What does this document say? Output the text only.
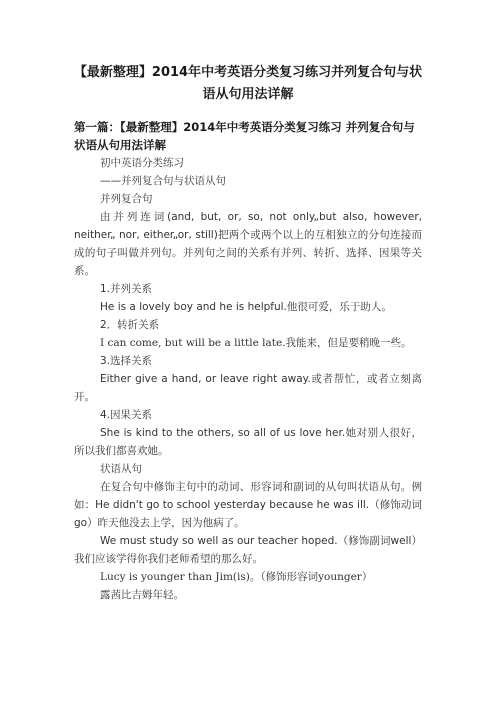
【最新整理】2014年中考英语分类复习练习并列复合句与状
语从句用法详解
第一篇：【最新整理】2014年中考英语分类复习练习 并列复合句与
状语从句用法详解

初中英语分类练习

——并列复合句与状语从句

并列复合句

由并列连词(and, but, or, so, not only„but also, however, neither„ nor, either„or, still)把两个或两个以上的互相独立的分句连接而成的句子叫做并列句。并列句之间的关系有并列、转折、选择、因果等关系。

1.并列关系

He is a lovely boy and he is helpful.他很可爱，乐于助人。

2．转折关系

I can come, but will be a little late.我能来，但是要稍晚一些。

3.选择关系

Either give a hand, or leave right away.或者帮忙，或者立刻离开。

4.因果关系

She is kind to the others, so all of us love her.她对别人很好，所以我们都喜欢她。

状语从句

在复合句中修饰主句中的动词、形容词和副词的从句叫状语从句。例如：He didn't go to school yesterday because he was ill.（修饰动词go）昨天他没去上学，因为他病了。

We must study so well as our teacher hoped.（修饰副词well）我们应该学得你我们老师希望的那么好。

Lucy is younger than Jim(is)。（修饰形容词younger）

露茜比吉姆年轻。
